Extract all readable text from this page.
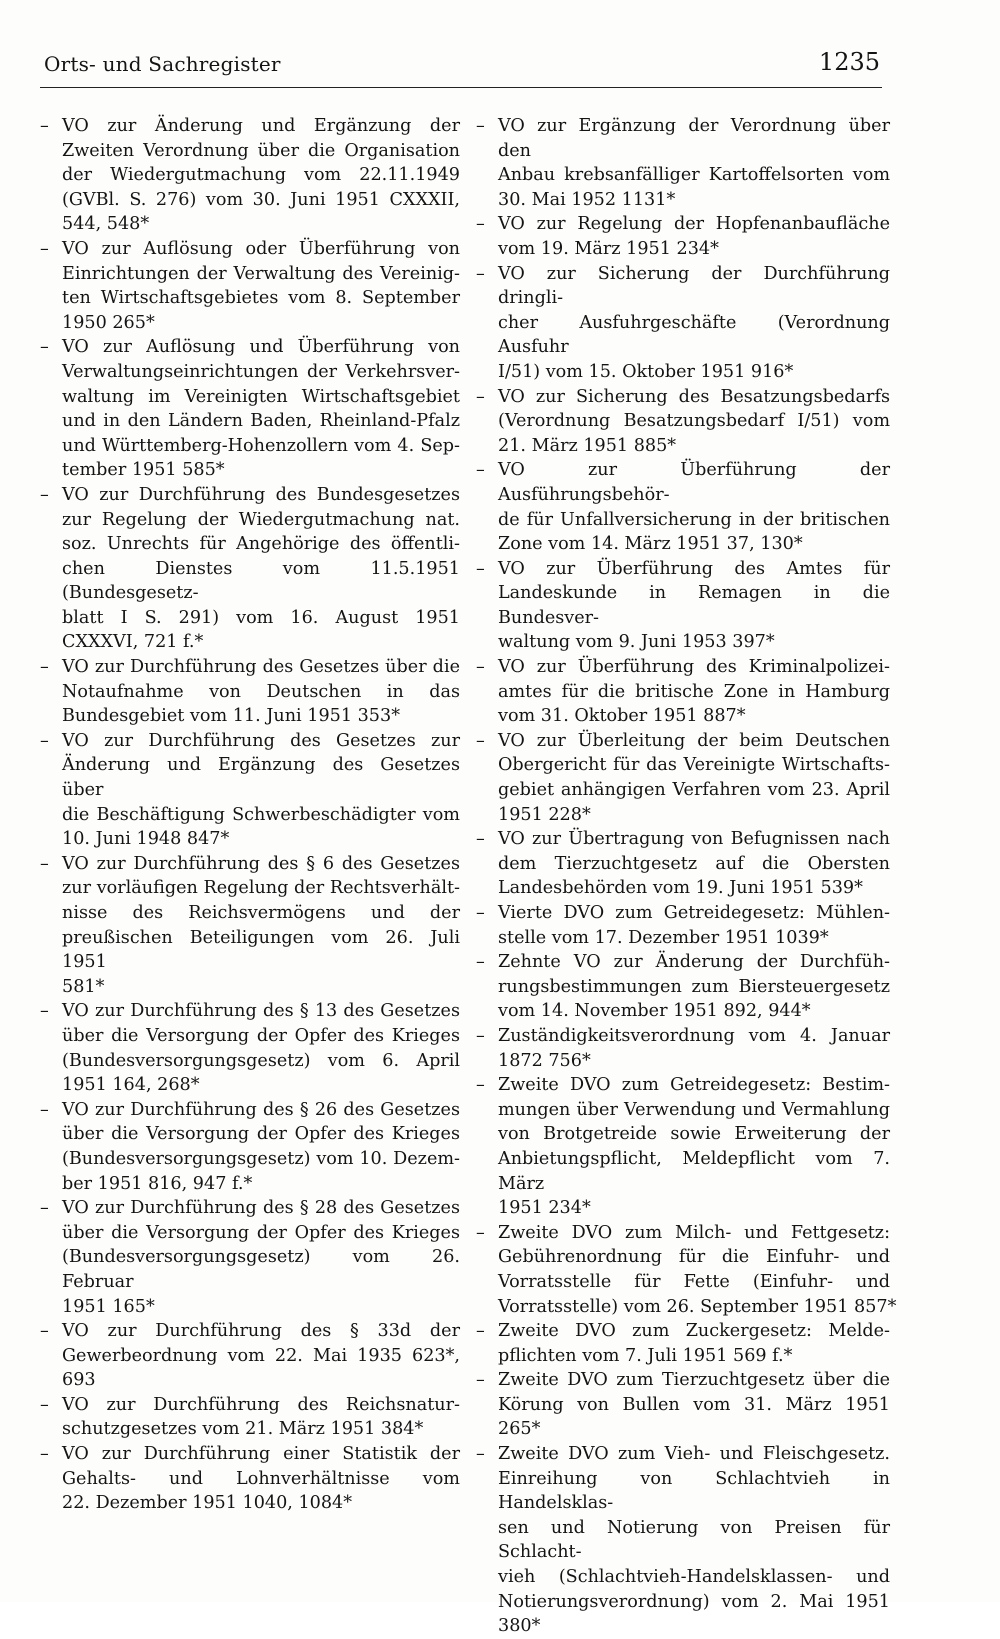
Orts- und Sachregister	1235
– VO zur Änderung und Ergänzung der
Zweiten Verordnung über die Organisation
der Wiedergutmachung vom 22.11.1949
(GVBl. S. 276) vom 30. Juni 1951 CXXXII,
544, 548*
– VO zur Auflösung oder Überführung von
Einrichtungen der Verwaltung des Vereinig-
ten Wirtschaftsgebietes vom 8. September
1950 265*
– VO zur Auflösung und Überführung von
Verwaltungseinrichtungen der Verkehrsver-
waltung im Vereinigten Wirtschaftsgebiet
und in den Ländern Baden, Rheinland-Pfalz
und Württemberg-Hohenzollern vom 4. Sep-
tember 1951 585*
– VO zur Durchführung des Bundesgesetzes
zur Regelung der Wiedergutmachung nat.
soz. Unrechts für Angehörige des öffentli-
chen Dienstes vom 11.5.1951 (Bundesgesetz-
blatt I S. 291) vom 16. August 1951
CXXXVI, 721 f.*
– VO zur Durchführung des Gesetzes über die
Notaufnahme von Deutschen in das
Bundesgebiet vom 11. Juni 1951 353*
– VO zur Durchführung des Gesetzes zur
Änderung und Ergänzung des Gesetzes über
die Beschäftigung Schwerbeschädigter vom
10. Juni 1948 847*
– VO zur Durchführung des § 6 des Gesetzes
zur vorläufigen Regelung der Rechtsverhält-
nisse des Reichsvermögens und der
preußischen Beteiligungen vom 26. Juli 1951
581*
– VO zur Durchführung des § 13 des Gesetzes
über die Versorgung der Opfer des Krieges
(Bundesversorgungsgesetz) vom 6. April
1951 164, 268*
– VO zur Durchführung des § 26 des Gesetzes
über die Versorgung der Opfer des Krieges
(Bundesversorgungsgesetz) vom 10. Dezem-
ber 1951 816, 947 f.*
– VO zur Durchführung des § 28 des Gesetzes
über die Versorgung der Opfer des Krieges
(Bundesversorgungsgesetz) vom 26. Februar
1951 165*
– VO zur Durchführung des § 33d der
Gewerbeordnung vom 22. Mai 1935 623*,
693
– VO zur Durchführung des Reichsnatur-
schutzgesetzes vom 21. März 1951 384*
– VO zur Durchführung einer Statistik der
Gehalts- und Lohnverhältnisse vom
22. Dezember 1951 1040, 1084*
– VO zur Ergänzung der Verordnung über den
Anbau krebsanfälliger Kartoffelsorten vom
30. Mai 1952 1131*
– VO zur Regelung der Hopfenanbaufläche
vom 19. März 1951 234*
– VO zur Sicherung der Durchführung dringli-
cher Ausfuhrgeschäfte (Verordnung Ausfuhr
I/51) vom 15. Oktober 1951 916*
– VO zur Sicherung des Besatzungsbedarfs
(Verordnung Besatzungsbedarf I/51) vom
21. März 1951 885*
– VO zur Überführung der Ausführungsbehör-
de für Unfallversicherung in der britischen
Zone vom 14. März 1951 37, 130*
– VO zur Überführung des Amtes für
Landeskunde in Remagen in die Bundesver-
waltung vom 9. Juni 1953 397*
– VO zur Überführung des Kriminalpolizei-
amtes für die britische Zone in Hamburg
vom 31. Oktober 1951 887*
– VO zur Überleitung der beim Deutschen
Obergericht für das Vereinigte Wirtschafts-
gebiet anhängigen Verfahren vom 23. April
1951 228*
– VO zur Übertragung von Befugnissen nach
dem Tierzuchtgesetz auf die Obersten
Landesbehörden vom 19. Juni 1951 539*
– Vierte DVO zum Getreidegesetz: Mühlen-
stelle vom 17. Dezember 1951 1039*
– Zehnte VO zur Änderung der Durchfüh-
rungsbestimmungen zum Biersteuergesetz
vom 14. November 1951 892, 944*
– Zuständigkeitsverordnung vom 4. Januar
1872 756*
– Zweite DVO zum Getreidegesetz: Bestim-
mungen über Verwendung und Vermahlung
von Brotgetreide sowie Erweiterung der
Anbietungspflicht, Meldepflicht vom 7. März
1951 234*
– Zweite DVO zum Milch- und Fettgesetz:
Gebührenordnung für die Einfuhr- und
Vorratsstelle für Fette (Einfuhr- und
Vorratsstelle) vom 26. September 1951 857*
– Zweite DVO zum Zuckergesetz: Melde-
pflichten vom 7. Juli 1951 569 f.*
– Zweite DVO zum Tierzuchtgesetz über die
Körung von Bullen vom 31. März 1951
265*
– Zweite DVO zum Vieh- und Fleischgesetz.
Einreihung von Schlachtvieh in Handelsklas-
sen und Notierung von Preisen für Schlacht-
vieh (Schlachtvieh-Handelsklassen- und
Notierungsverordnung) vom 2. Mai 1951
380*
